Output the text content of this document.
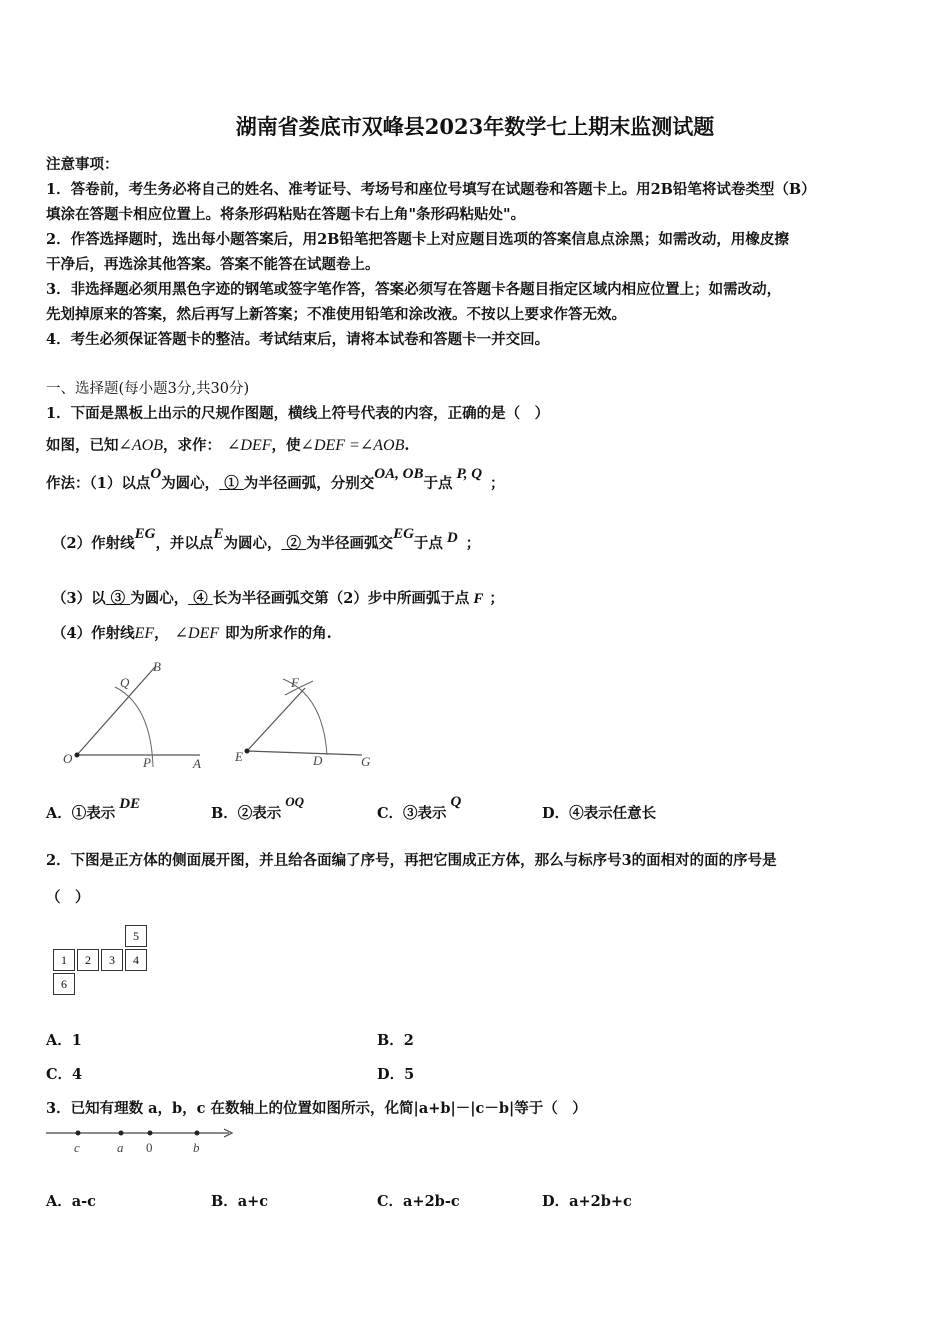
湖南省娄底市双峰县2023年数学七上期末监测试题
注意事项：
1．答卷前，考生务必将自己的姓名、准考证号、考场号和座位号填写在试题卷和答题卡上。用2B铅笔将试卷类型（B）
填涂在答题卡相应位置上。将条形码粘贴在答题卡右上角"条形码粘贴处"。
2．作答选择题时，选出每小题答案后，用2B铅笔把答题卡上对应题目选项的答案信息点涂黑；如需改动，用橡皮擦
干净后，再选涂其他答案。答案不能答在试题卷上。
3．非选择题必须用黑色字迹的钢笔或签字笔作答，答案必须写在答题卡各题目指定区域内相应位置上；如需改动，
先划掉原来的答案，然后再写上新答案；不准使用铅笔和涂改液。不按以上要求作答无效。
4．考生必须保证答题卡的整洁。考试结束后，请将本试卷和答题卡一并交回。
一、选择题(每小题3分,共30分)
1．下面是黑板上出示的尺规作图题，横线上符号代表的内容，正确的是（　）
如图，已知∠AOB，求作： ∠DEF，使∠DEF =∠AOB.
作法：（1）以点O为圆心， ① 为半径画弧，分别交OA, OB于点P, Q；
（2）作射线EG，并以点E为圆心， ② 为半径画弧交EG于点 D ；
（3）以 ③ 为圆心， ④ 长为半径画弧交第（2）步中所画弧于点 F ；
（4）作射线EF， ∠DEF 即为所求作的角.
O	P	A
Q
B
E	D	G
F
A．①表示DE
B．②表示OQ
C．③表示Q
D．④表示任意长
2．下图是正方体的侧面展开图，并且给各面编了序号，再把它围成正方体，那么与标序号3的面相对的面的序号是
（　）
5
1	2	3	4
6
A．1	B．2
C．4	D．5
3．已知有理数 a，b，c 在数轴上的位置如图所示，化简|a+b|－|c－b|等于（　）
c	a 0	b
A．a-c	B．a+c	C．a+2b-c	D．a+2b+c
